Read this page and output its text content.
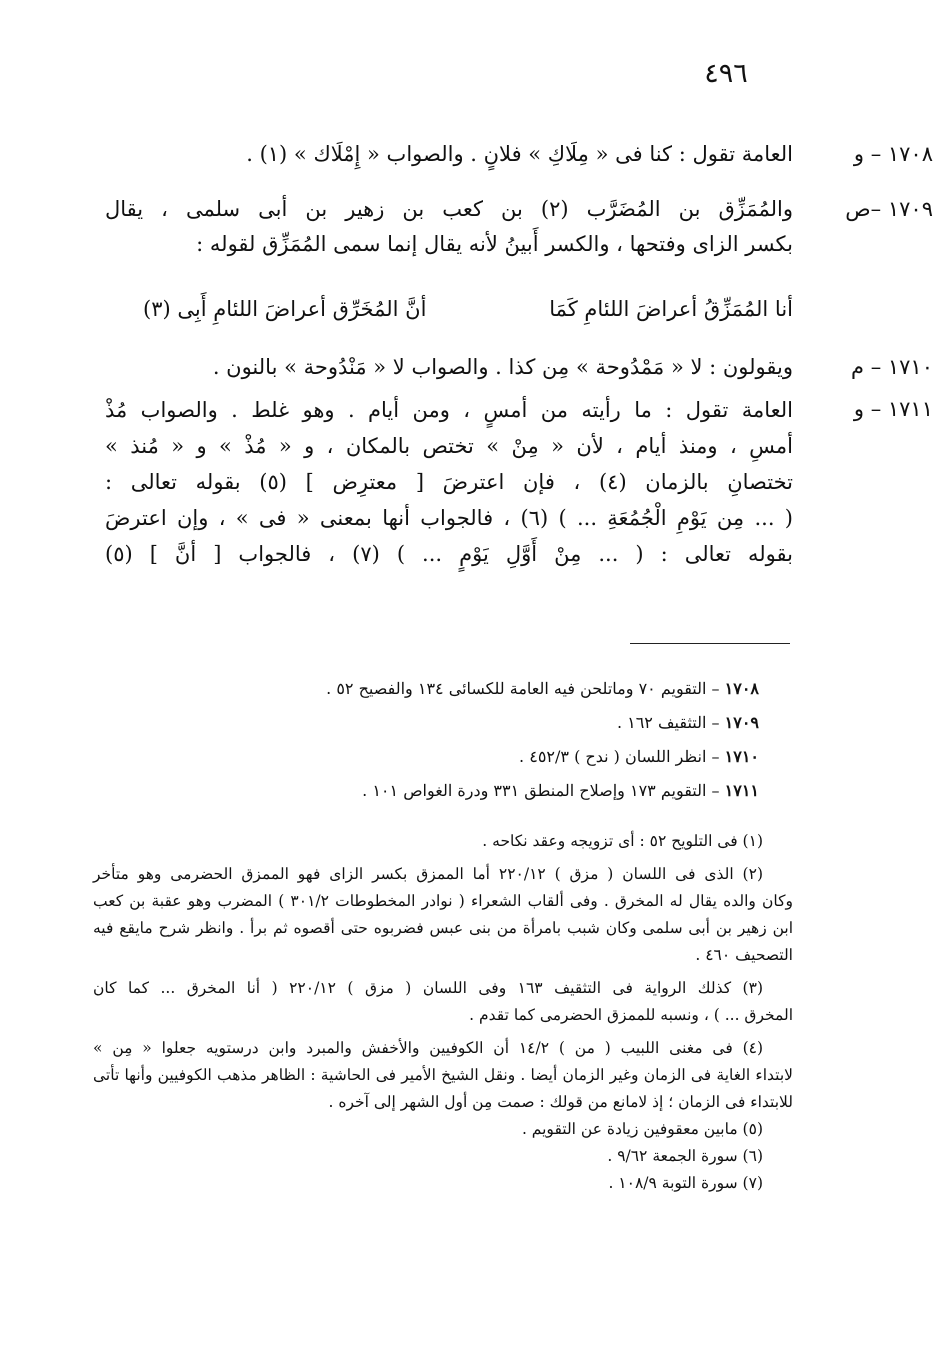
٤٩٦
١٧٠٨ – و
العامة تقول : كنا فى « مِلَاكِ » فلانٍ . والصواب « إِمْلَاك » (١) .
١٧٠٩ –ص
والمُمَزِّق بن المُضَرَّب (٢) بن كعب بن زهير بن أبى سلمى ، يقال
بكسر الزاى وفتحها ، والكسر أَبينُ لأنه يقال إنما سمى المُمَزِّق لقوله :
أنا المُمَزِّقُ أعراضَ اللئامِ كَمَا
أنَّ المُخَرِّق أعراضَ اللئامِ أَبِى (٣)
١٧١٠ – م
ويقولون : لا « مَمْدُوحة » مِن كذا . والصواب لا « مَنْدُوحة » بالنون .
١٧١١ – و
العامة تقول : ما رأيته من أمسٍ ، ومن أيام . وهو غلط . والصواب مُذْ
أمسِ ، ومنذ أيام ، لأن « مِنْ » تختص بالمكان ، و « مُذْ » و « مُنذ »
تختصانِ بالزمان (٤) ، فإن اعترضَ [ معترِض ] (٥) بقوله تعالى :
( ... مِن يَوْمِ الْجُمُعَةِ ... ) (٦) ، فالجواب أنها بمعنى « فى » ، وإن اعترضَ
بقوله تعالى : ( ... مِنْ أَوَّلِ يَوْمٍ ... ) (٧) ، فالجواب [ أنَّ ] (٥)
١٧٠٨ – التقويم ٧٠ وماتلحن فيه العامة للكسائى ١٣٤ والفصيح ٥٢ .
١٧٠٩ – التثقيف ١٦٢ .
١٧١٠ – انظر اللسان ( ندح ) ٤٥٢/٣ .
١٧١١ – التقويم ١٧٣ وإصلاح المنطق ٣٣١ ودرة الغواص ١٠١ .
(١) فى التلويح ٥٢ : أى تزويجه وعقد نكاحه .
(٢) الذى فى اللسان ( مزق ) ٢٢٠/١٢ أما الممزق بكسر الزاى فهو الممزق الحضرمى وهو متأخر
وكان والده يقال له المخرق . وفى ألقاب الشعراء ( نوادر المخطوطات ٣٠١/٢ ) المضرب وهو عقبة بن كعب
ابن زهير بن أبى سلمى وكان شبب بامرأة من بنى عبس فضربوه حتى أقصوه ثم برأ . وانظر شرح مايقع فيه
التصحيف ٤٦٠ .
(٣) كذلك الرواية فى التثقيف ١٦٣ وفى اللسان ( مزق ) ٢٢٠/١٢ ( أنا المخرق ... كما كان
المخرق ... ) ، ونسبه للممزق الحضرمى كما تقدم .
(٤) فى مغنى اللبيب ( من ) ١٤/٢ أن الكوفيين والأخفش والمبرد وابن درستويه جعلوا « مِن »
لابتداء الغاية فى الزمان وغير الزمان أيضا . ونقل الشيخ الأمير فى الحاشية : الظاهر مذهب الكوفيين وأنها تأتى
للابتداء فى الزمان ؛ إذ لامانع من قولك : صمت مِن أول الشهر إلى آخره .
(٥) مابين معقوفين زيادة عن التقويم .
(٦) سورة الجمعة ٩/٦٢ .
(٧) سورة التوبة ١٠٨/٩ .
